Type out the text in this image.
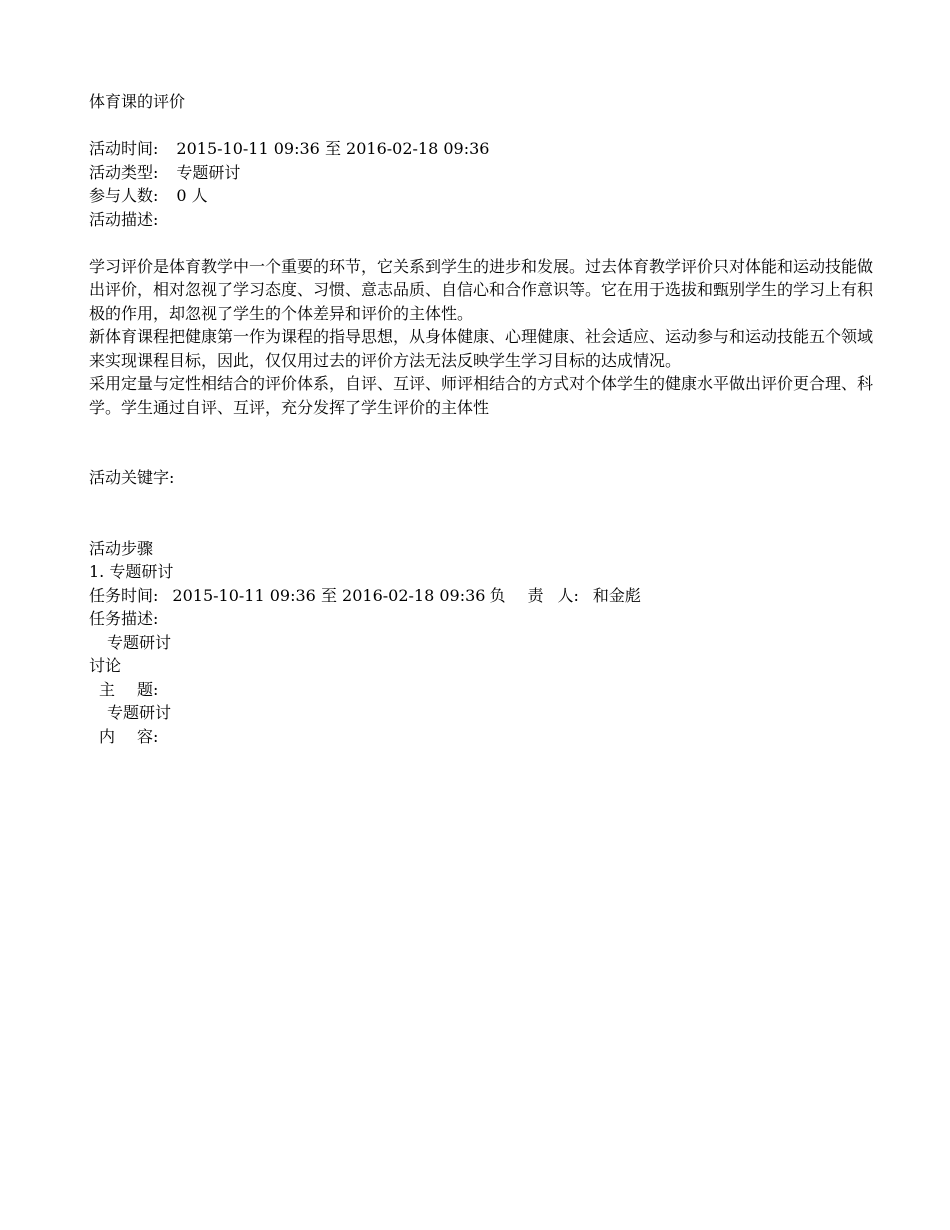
体育课的评价
活动时间: 2015-10-11 09:36 至 2016-02-18 09:36
活动类型: 专题研讨
参与人数: 0 人
活动描述:
学习评价是体育教学中一个重要的环节，它关系到学生的进步和发展。过去体育教学评价只对体能和运动技能做出评价，相对忽视了学习态度、习惯、意志品质、自信心和合作意识等。它在用于选拔和甄别学生的学习上有积极的作用，却忽视了学生的个体差异和评价的主体性。
新体育课程把健康第一作为课程的指导思想，从身体健康、心理健康、社会适应、运动参与和运动技能五个领域来实现课程目标，因此，仅仅用过去的评价方法无法反映学生学习目标的达成情况。
采用定量与定性相结合的评价体系，自评、互评、师评相结合的方式对个体学生的健康水平做出评价更合理、科学。学生通过自评、互评，充分发挥了学生评价的主体性
活动关键字:
活动步骤
1. 专题研讨
任务时间: 2015-10-11 09:36 至 2016-02-18 09:36 负 责 人: 和金彪
任务描述:
专题研讨
讨论
主 题:
专题研讨
内 容:
